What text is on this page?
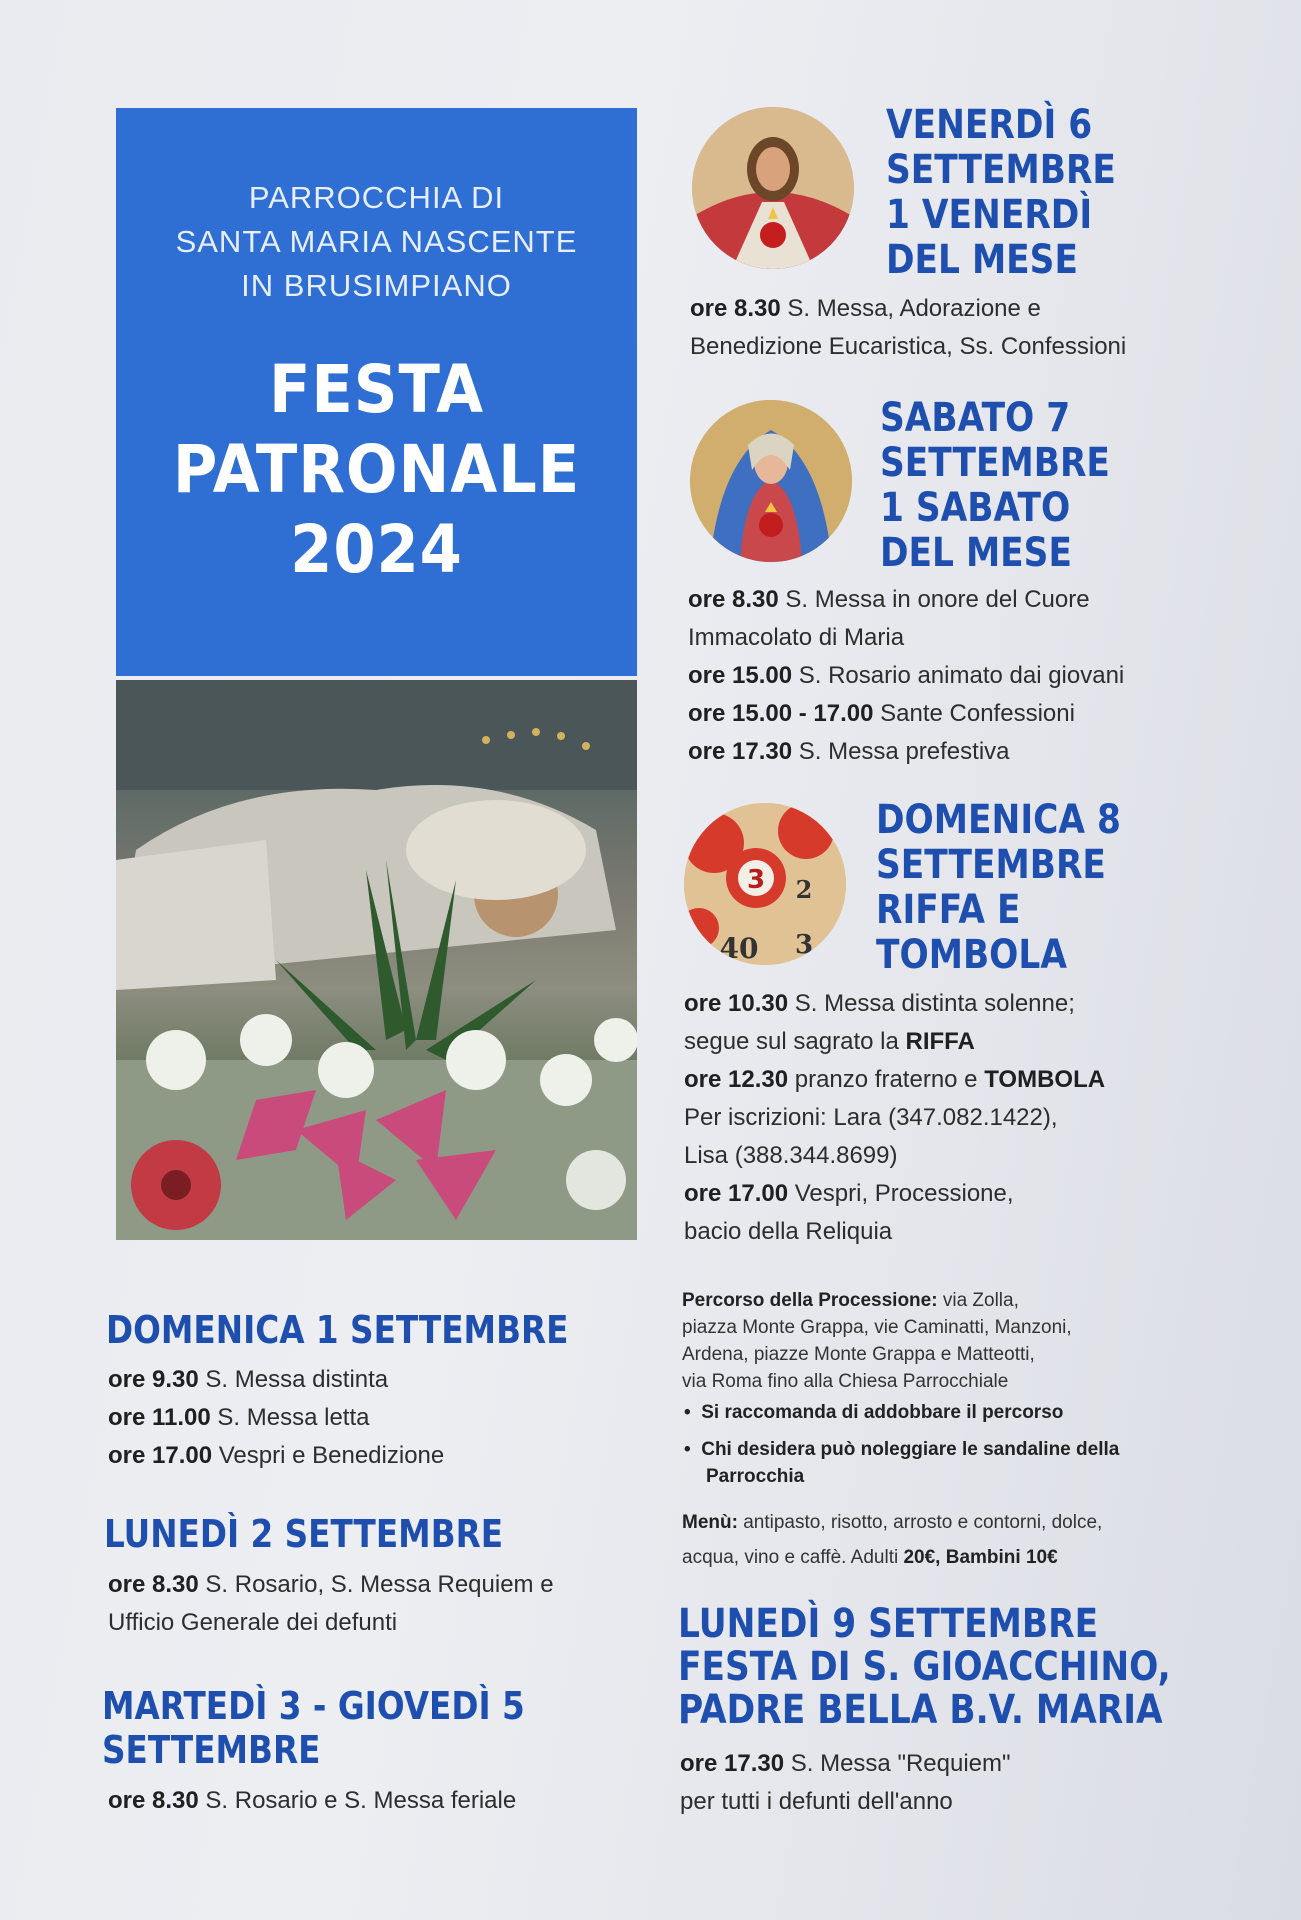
PARROCCHIA DI
SANTA MARIA NASCENTE
IN BRUSIMPIANO
FESTA
PATRONALE
2024
DOMENICA 1 SETTEMBRE
ore 9.30 S. Messa distinta
ore 11.00 S. Messa letta
ore 17.00 Vespri e Benedizione
LUNEDÌ 2 SETTEMBRE
ore 8.30 S. Rosario, S. Messa Requiem e
Ufficio Generale dei defunti
MARTEDÌ 3 - GIOVEDÌ 5
SETTEMBRE
ore 8.30 S. Rosario e S. Messa feriale
3 2
40 3
VENERDÌ 6
SETTEMBRE
1 VENERDÌ
DEL MESE
ore 8.30 S. Messa, Adorazione e
Benedizione Eucaristica, Ss. Confessioni
SABATO 7
SETTEMBRE
1 SABATO
DEL MESE
ore 8.30 S. Messa in onore del Cuore
Immacolato di Maria
ore 15.00 S. Rosario animato dai giovani
ore 15.00 - 17.00 Sante Confessioni
ore 17.30 S. Messa prefestiva
DOMENICA 8
SETTEMBRE
RIFFA E
TOMBOLA
ore 10.30 S. Messa distinta solenne;
segue sul sagrato la RIFFA
ore 12.30 pranzo fraterno e TOMBOLA
Per iscrizioni: Lara (347.082.1422),
Lisa (388.344.8699)
ore 17.00 Vespri, Processione,
bacio della Reliquia
Percorso della Processione: via Zolla,
piazza Monte Grappa, vie Caminatti, Manzoni,
Ardena, piazze Monte Grappa e Matteotti,
via Roma fino alla Chiesa Parrocchiale
•  Si raccomanda di addobbare il percorso
•  Chi desidera può noleggiare le sandaline della
Parrocchia
Menù: antipasto, risotto, arrosto e contorni, dolce,
acqua, vino e caffè. Adulti 20€, Bambini 10€
LUNEDÌ 9 SETTEMBRE
FESTA DI S. GIOACCHINO,
PADRE BELLA B.V. MARIA
ore 17.30 S. Messa "Requiem"
per tutti i defunti dell'anno
